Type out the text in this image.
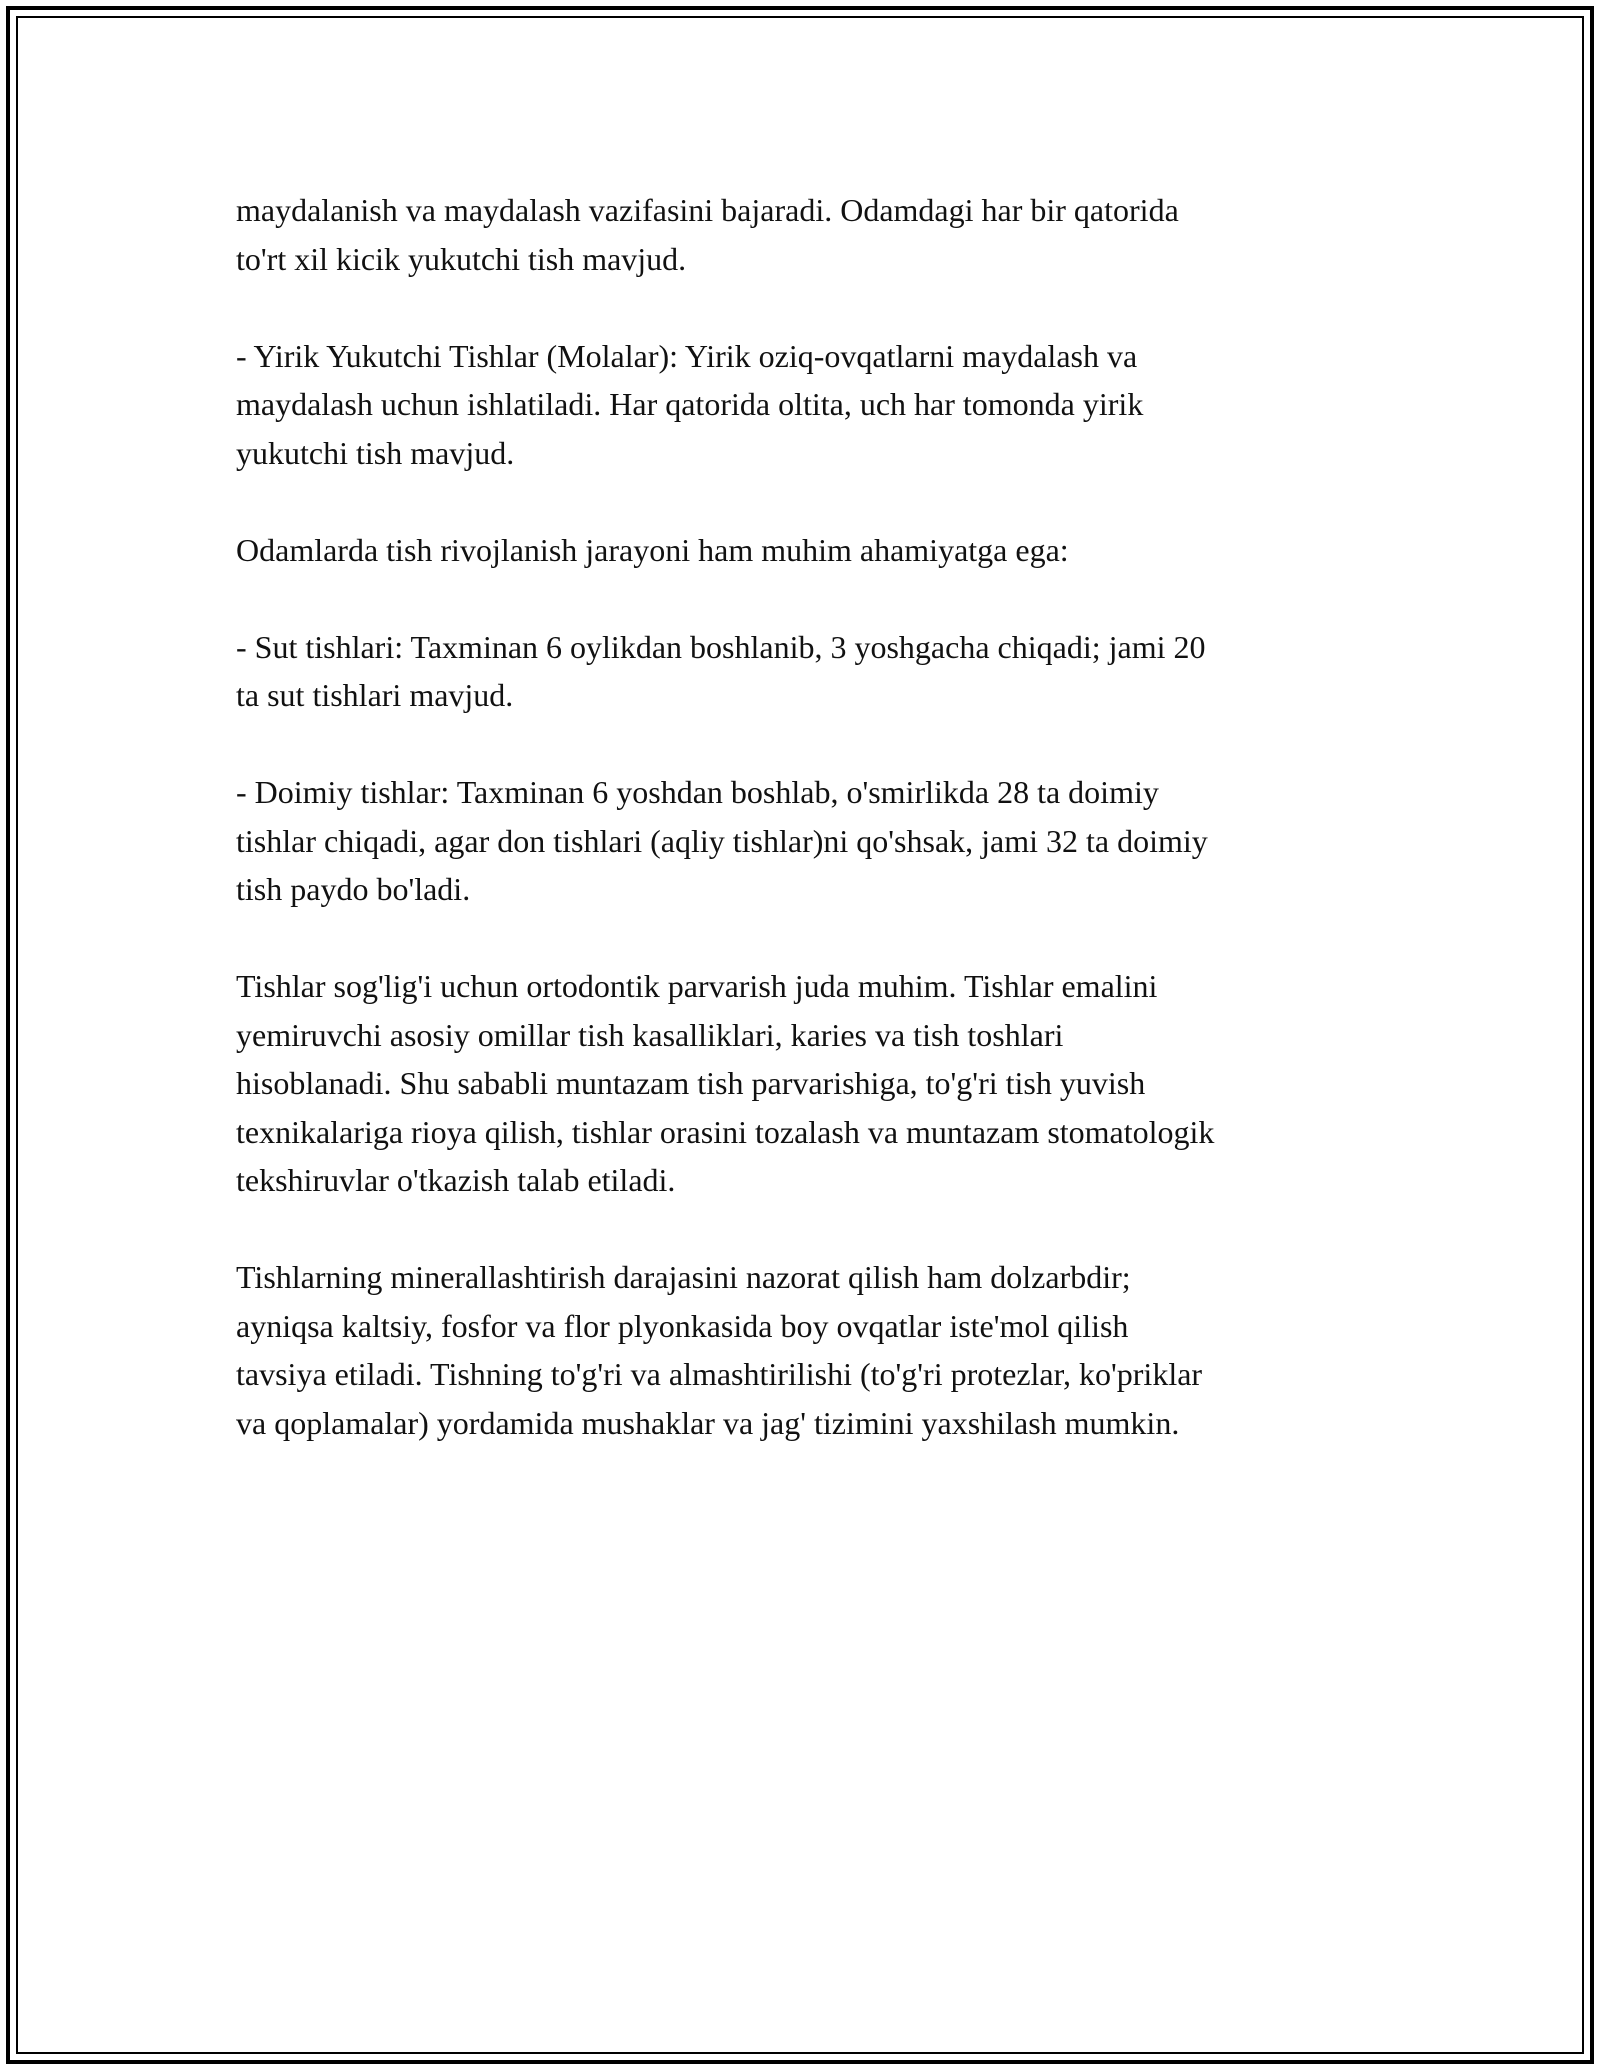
maydalanish va maydalash vazifasini bajaradi. Odamdagi har bir qatorida
to'rt xil kicik yukutchi tish mavjud.

- Yirik Yukutchi Tishlar (Molalar): Yirik oziq-ovqatlarni maydalash va
maydalash uchun ishlatiladi. Har qatorida oltita, uch har tomonda yirik
yukutchi tish mavjud.

Odamlarda tish rivojlanish jarayoni ham muhim ahamiyatga ega:

- Sut tishlari: Taxminan 6 oylikdan boshlanib, 3 yoshgacha chiqadi; jami 20
ta sut tishlari mavjud.

- Doimiy tishlar: Taxminan 6 yoshdan boshlab, o'smirlikda 28 ta doimiy
tishlar chiqadi, agar don tishlari (aqliy tishlar)ni qo'shsak, jami 32 ta doimiy
tish paydo bo'ladi.

Tishlar sog'lig'i uchun ortodontik parvarish juda muhim. Tishlar emalini
yemiruvchi asosiy omillar tish kasalliklari, karies va tish toshlari
hisoblanadi. Shu sababli muntazam tish parvarishiga, to'g'ri tish yuvish
texnikalariga rioya qilish, tishlar orasini tozalash va muntazam stomatologik
tekshiruvlar o'tkazish talab etiladi.

Tishlarning minerallashtirish darajasini nazorat qilish ham dolzarbdir;
ayniqsa kaltsiy, fosfor va flor plyonkasida boy ovqatlar iste'mol qilish
tavsiya etiladi. Tishning to'g'ri va almashtirilishi (to'g'ri protezlar, ko'priklar
va qoplamalar) yordamida mushaklar va jag' tizimini yaxshilash mumkin.
